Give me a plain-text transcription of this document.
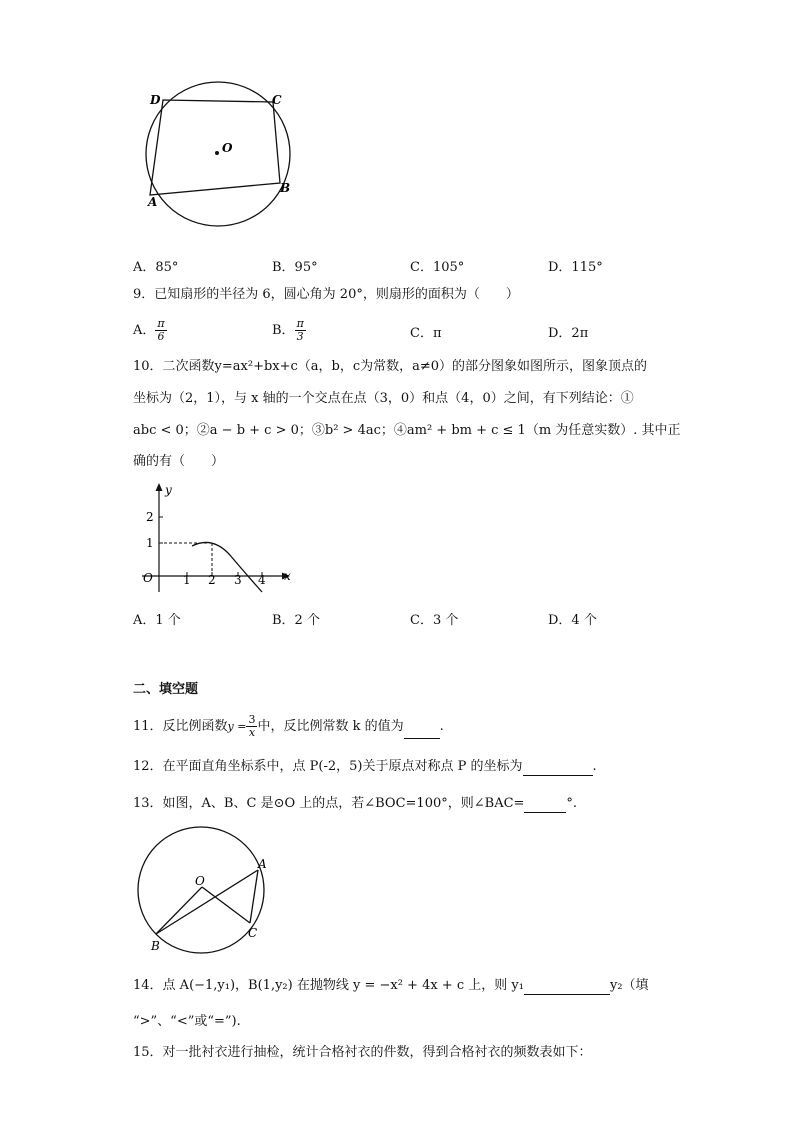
D	C
O
A
B
A．85°	B．95°	C．105°	D．115°
9．已知扇形的半径为 6，圆心角为 20°，则扇形的面积为（　　）
A． $\frac{\pi}{6}$	B． $\frac{\pi}{3}$	C．π	D．2π
10．二次函数y=ax²+bx+c（a，b，c为常数，a≠0）的部分图象如图所示，图象顶点的
坐标为（2，1），与 x 轴的一个交点在点（3，0）和点（4，0）之间，有下列结论：①
abc < 0；②a − b + c > 0；③b² > 4ac；④am² + bm + c ≤ 1（m 为任意实数）. 其中正
确的有（　　）
y
x
O
2
1
1 2 3 4
A．1 个	B．2 个	C．3 个	D．4 个
二、填空题
11．反比例函数$y = \frac{3}{x}$ 中，反比例常数 k 的值为	.
12．在平面直角坐标系中，点 P(-2，5)关于原点对称点 P 的坐标为	.
13．如图，A、B、C 是⊙O 上的点，若∠BOC=100°，则∠BAC=	°.
O
A
B
C
14．点 A(−1,y₁)，B(1,y₂) 在抛物线 y = −x² + 4x + c 上，则 y₁	y₂（填
“>”、“<”或“=”).
15．对一批衬衣进行抽检，统计合格衬衣的件数，得到合格衬衣的频数表如下：
